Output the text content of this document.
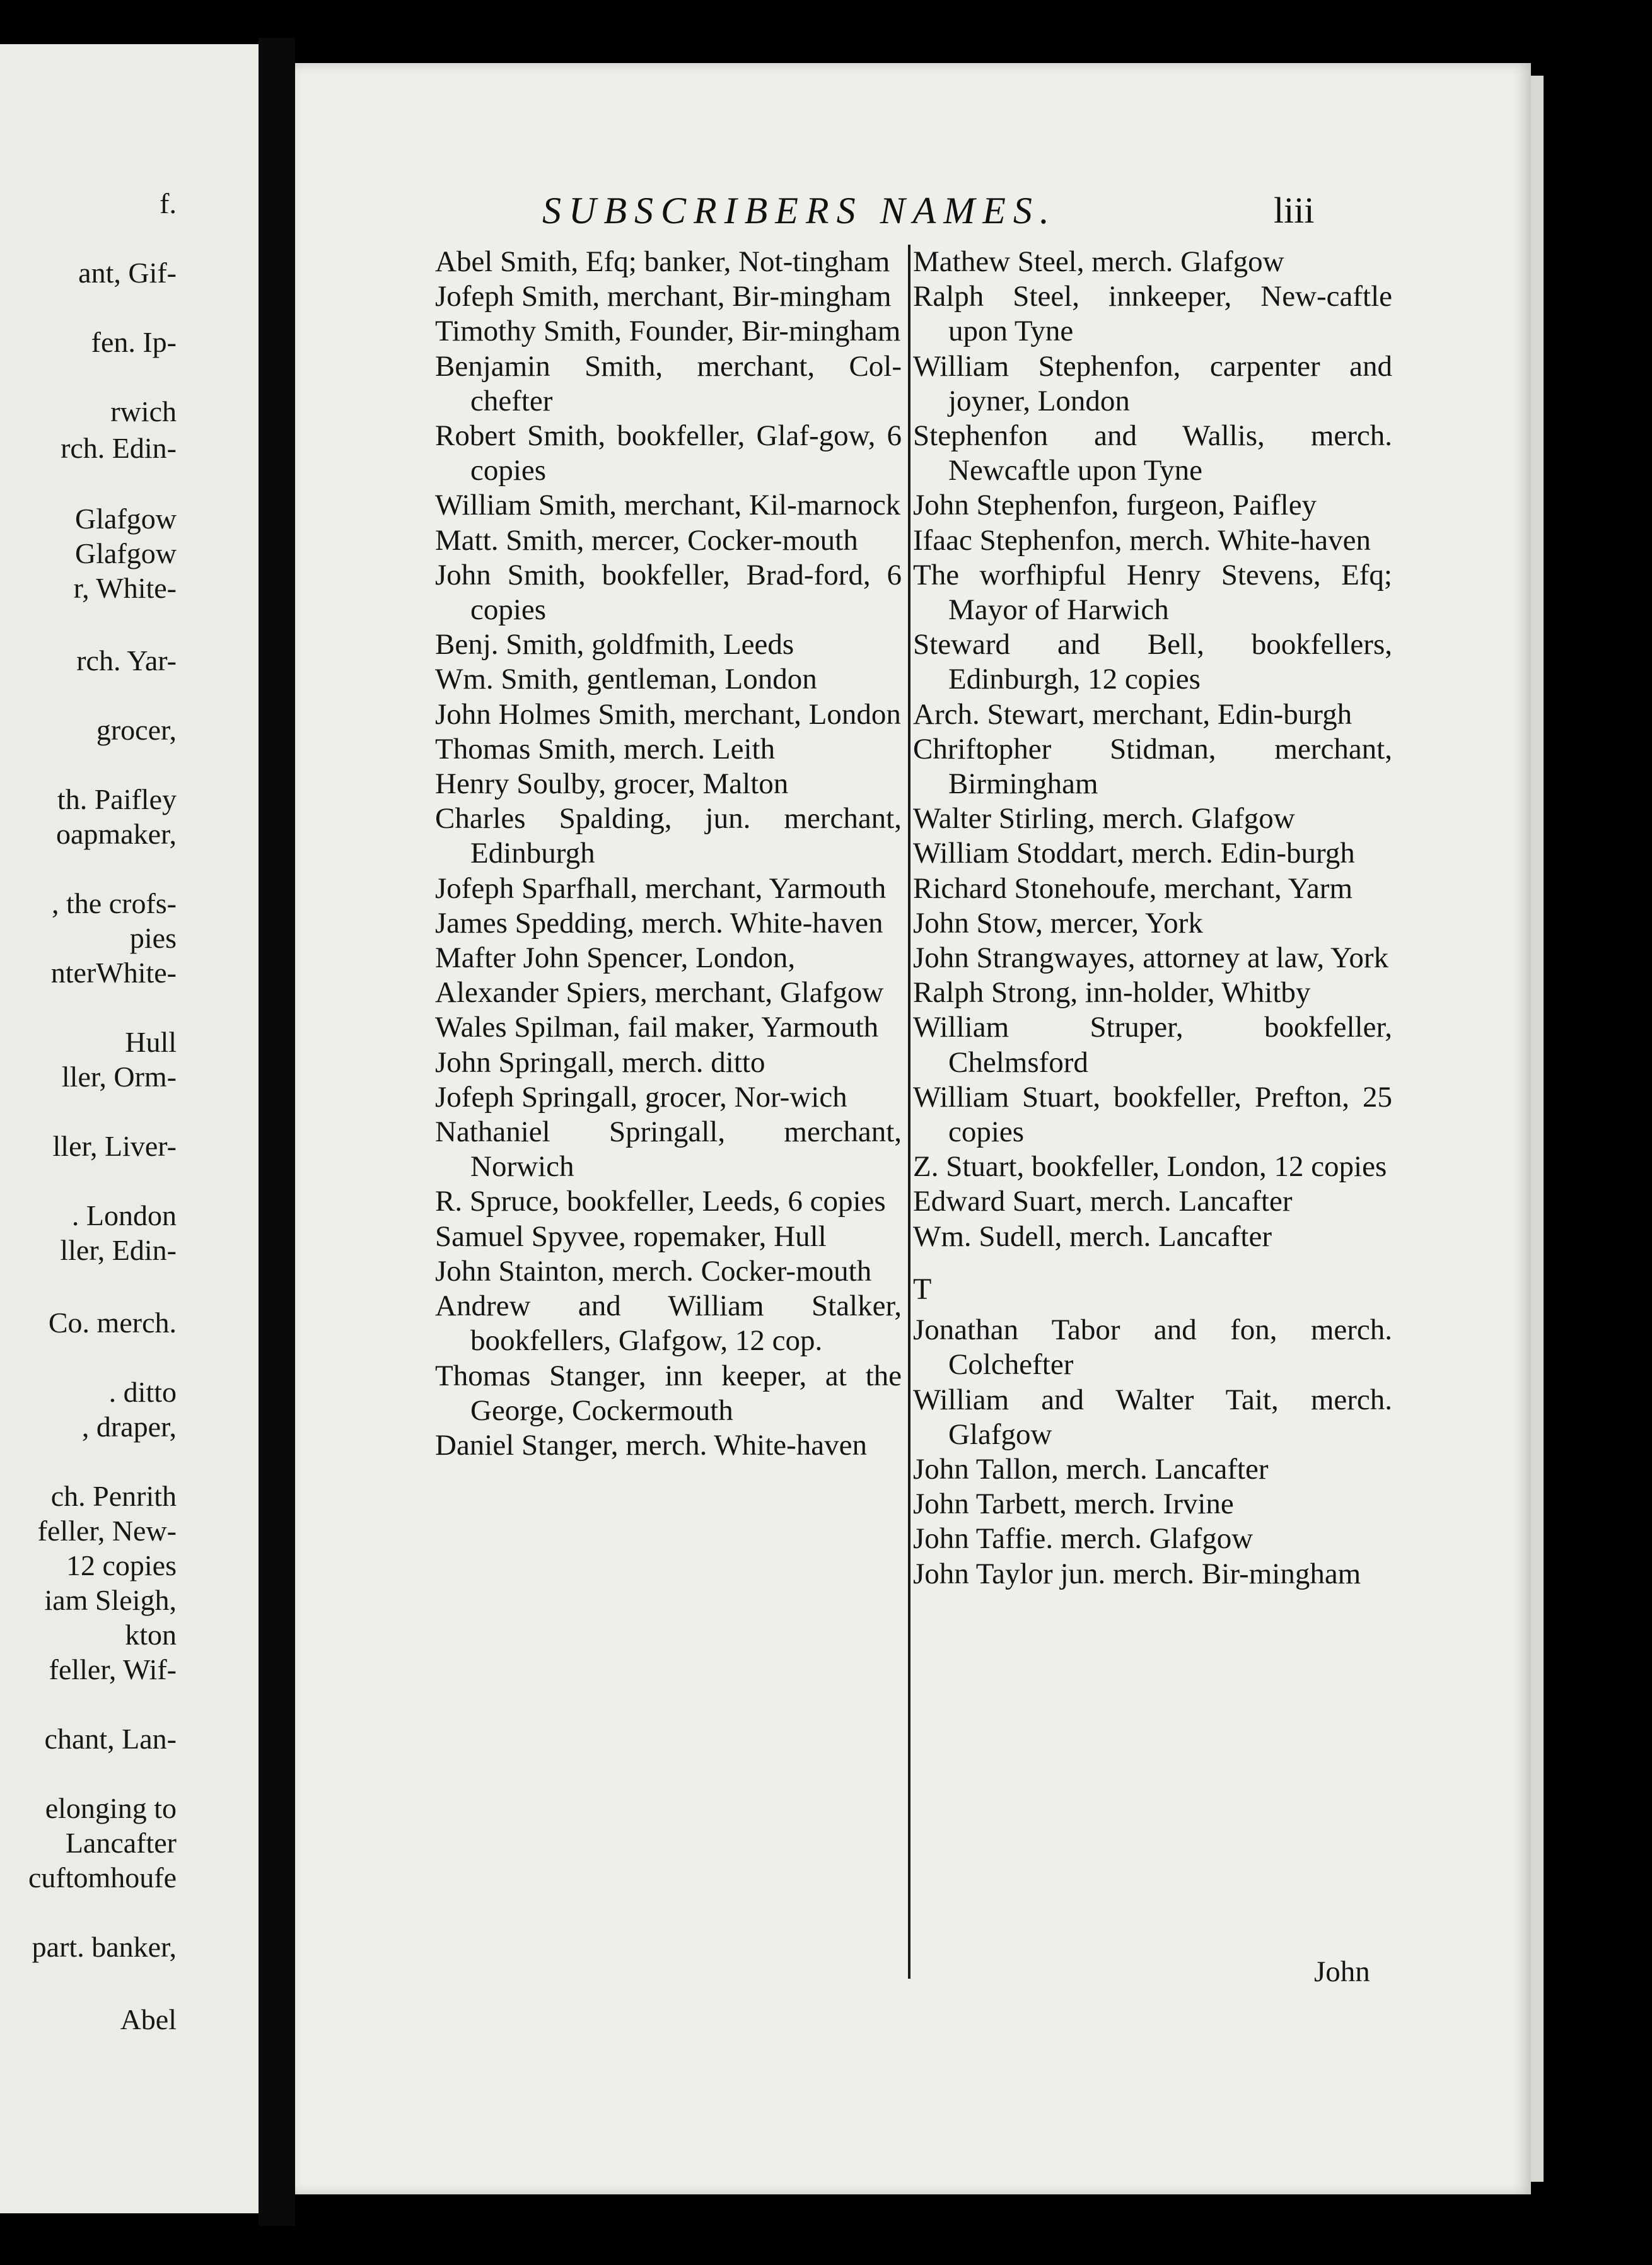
f.
ant, Gif-
fen. Ip-
rwich
rch. Edin-
Glafgow
Glafgow
r, White-
rch. Yar-
grocer,
th. Paifley
oapmaker,
, the crofs-
pies
nterWhite-
Hull
ller, Orm-
ller, Liver-
. London
ller, Edin-
Co. merch.
. ditto
, draper,
ch. Penrith
feller, New-
12 copies
iam Sleigh,
kton
feller, Wif-
chant, Lan-
elonging to
Lancafter
cuftomhoufe
part. banker,
Abel
SUBSCRIBERS NAMES.	liii
Abel Smith, Efq; banker, Not-tingham
Jofeph Smith, merchant, Bir-mingham
Timothy Smith, Founder, Bir-mingham
Benjamin Smith, merchant, Col-chefter
Robert Smith, bookfeller, Glaf-gow, 6 copies
William Smith, merchant, Kil-marnock
Matt. Smith, mercer, Cocker-mouth
John Smith, bookfeller, Brad-ford, 6 copies
Benj. Smith, goldfmith, Leeds
Wm. Smith, gentleman, London
John Holmes Smith, merchant, London
Thomas Smith, merch. Leith
Henry Soulby, grocer, Malton
Charles Spalding, jun. merchant, Edinburgh
Jofeph Sparfhall, merchant, Yarmouth
James Spedding, merch. White-haven
Mafter John Spencer, London,
Alexander Spiers, merchant, Glafgow
Wales Spilman, fail maker, Yarmouth
John Springall, merch. ditto
Jofeph Springall, grocer, Nor-wich
Nathaniel Springall, merchant, Norwich
R. Spruce, bookfeller, Leeds, 6 copies
Samuel Spyvee, ropemaker, Hull
John Stainton, merch. Cocker-mouth
Andrew and William Stalker, bookfellers, Glafgow, 12 cop.
Thomas Stanger, inn keeper, at the George, Cockermouth
Daniel Stanger, merch. White-haven
Mathew Steel, merch. Glafgow
Ralph Steel, innkeeper, New-caftle upon Tyne
William Stephenfon, carpenter and joyner, London
Stephenfon and Wallis, merch. Newcaftle upon Tyne
John Stephenfon, furgeon, Paifley
Ifaac Stephenfon, merch. White-haven
The worfhipful Henry Stevens, Efq; Mayor of Harwich
Steward and Bell, bookfellers, Edinburgh, 12 copies
Arch. Stewart, merchant, Edin-burgh
Chriftopher Stidman, merchant, Birmingham
Walter Stirling, merch. Glafgow
William Stoddart, merch. Edin-burgh
Richard Stonehoufe, merchant, Yarm
John Stow, mercer, York
John Strangwayes, attorney at law, York
Ralph Strong, inn-holder, Whitby
William Struper, bookfeller, Chelmsford
William Stuart, bookfeller, Prefton, 25 copies
Z. Stuart, bookfeller, London, 12 copies
Edward Suart, merch. Lancafter
Wm. Sudell, merch. Lancafter
T
Jonathan Tabor and fon, merch. Colchefter
William and Walter Tait, merch. Glafgow
John Tallon, merch. Lancafter
John Tarbett, merch. Irvine
John Taffie. merch. Glafgow
John Taylor jun. merch. Bir-mingham
John
